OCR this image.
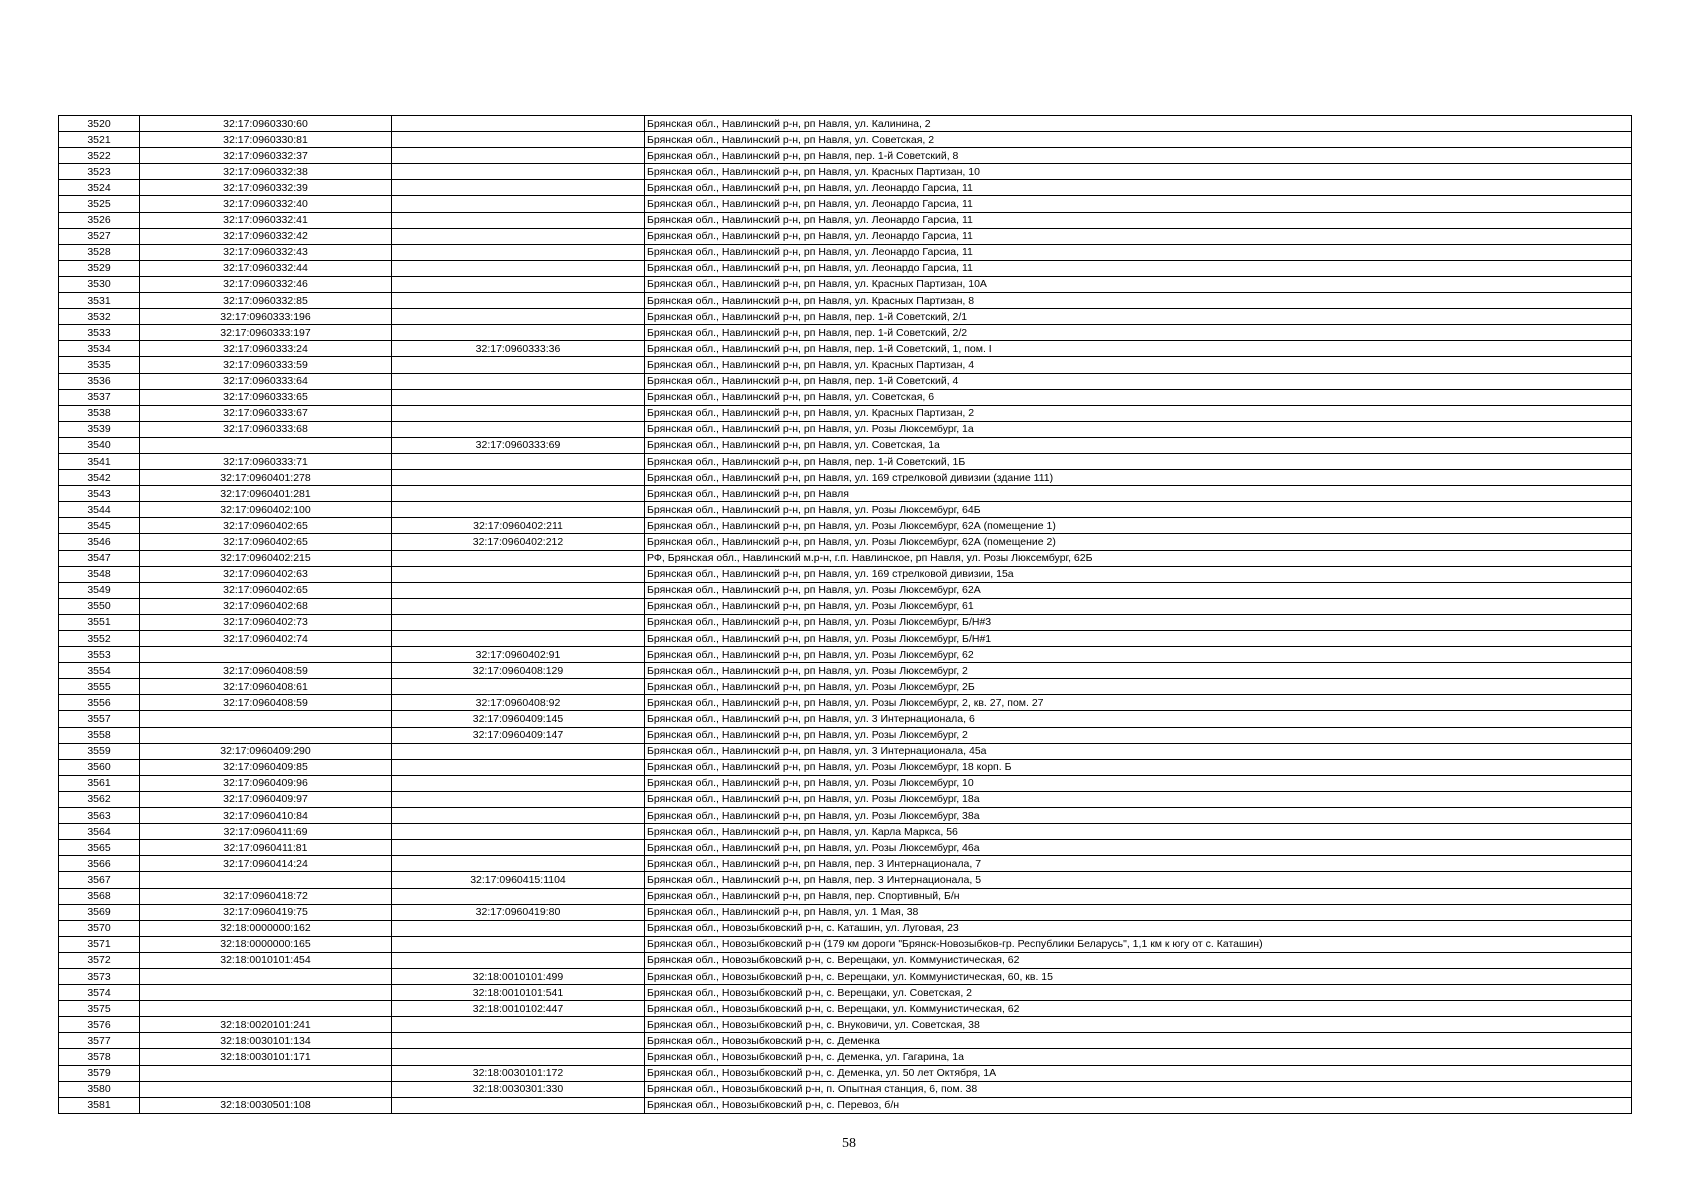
3520	32:17:0960330:60		Брянская обл., Навлинский р-н, рп Навля, ул. Калинина, 2
3521	32:17:0960330:81		Брянская обл., Навлинский р-н, рп Навля, ул. Советская, 2
3522	32:17:0960332:37		Брянская обл., Навлинский р-н, рп Навля, пер. 1-й Советский, 8
3523	32:17:0960332:38		Брянская обл., Навлинский р-н, рп Навля, ул. Красных Партизан, 10
3524	32:17:0960332:39		Брянская обл., Навлинский р-н, рп Навля, ул. Леонардо Гарсиа, 11
3525	32:17:0960332:40		Брянская обл., Навлинский р-н, рп Навля, ул. Леонардо Гарсиа, 11
3526	32:17:0960332:41		Брянская обл., Навлинский р-н, рп Навля, ул. Леонардо Гарсиа, 11
3527	32:17:0960332:42		Брянская обл., Навлинский р-н, рп Навля, ул. Леонардо Гарсиа, 11
3528	32:17:0960332:43		Брянская обл., Навлинский р-н, рп Навля, ул. Леонардо Гарсиа, 11
3529	32:17:0960332:44		Брянская обл., Навлинский р-н, рп Навля, ул. Леонардо Гарсиа, 11
3530	32:17:0960332:46		Брянская обл., Навлинский р-н, рп Навля, ул. Красных Партизан, 10А
3531	32:17:0960332:85		Брянская обл., Навлинский р-н, рп Навля, ул. Красных Партизан, 8
3532	32:17:0960333:196		Брянская обл., Навлинский р-н, рп Навля, пер. 1-й Советский, 2/1
3533	32:17:0960333:197		Брянская обл., Навлинский р-н, рп Навля, пер. 1-й Советский, 2/2
3534	32:17:0960333:24	32:17:0960333:36	Брянская обл., Навлинский р-н, рп Навля, пер. 1-й Советский, 1, пом. I
3535	32:17:0960333:59		Брянская обл., Навлинский р-н, рп Навля, ул. Красных Партизан, 4
3536	32:17:0960333:64		Брянская обл., Навлинский р-н, рп Навля, пер. 1-й Советский, 4
3537	32:17:0960333:65		Брянская обл., Навлинский р-н, рп Навля, ул. Советская, 6
3538	32:17:0960333:67		Брянская обл., Навлинский р-н, рп Навля, ул. Красных Партизан, 2
3539	32:17:0960333:68		Брянская обл., Навлинский р-н, рп Навля, ул. Розы Люксембург, 1а
3540		32:17:0960333:69	Брянская обл., Навлинский р-н, рп Навля, ул. Советская, 1а
3541	32:17:0960333:71		Брянская обл., Навлинский р-н, рп Навля, пер. 1-й Советский, 1Б
3542	32:17:0960401:278		Брянская обл., Навлинский р-н, рп Навля, ул. 169 стрелковой дивизии (здание 111)
3543	32:17:0960401:281		Брянская обл., Навлинский р-н, рп Навля
3544	32:17:0960402:100		Брянская обл., Навлинский р-н, рп Навля, ул. Розы Люксембург, 64Б
3545	32:17:0960402:65	32:17:0960402:211	Брянская обл., Навлинский р-н, рп Навля, ул. Розы Люксембург, 62А (помещение 1)
3546	32:17:0960402:65	32:17:0960402:212	Брянская обл., Навлинский р-н, рп Навля, ул. Розы Люксембург, 62А (помещение 2)
3547	32:17:0960402:215		РФ, Брянская обл., Навлинский м.р-н, г.п. Навлинское, рп Навля, ул. Розы Люксембург, 62Б
3548	32:17:0960402:63		Брянская обл., Навлинский р-н, рп Навля, ул. 169 стрелковой дивизии, 15а
3549	32:17:0960402:65		Брянская обл., Навлинский р-н, рп Навля, ул. Розы Люксембург, 62А
3550	32:17:0960402:68		Брянская обл., Навлинский р-н, рп Навля, ул. Розы Люксембург, 61
3551	32:17:0960402:73		Брянская обл., Навлинский р-н, рп Навля, ул. Розы Люксембург, Б/Н#3
3552	32:17:0960402:74		Брянская обл., Навлинский р-н, рп Навля, ул. Розы Люксембург, Б/Н#1
3553		32:17:0960402:91	Брянская обл., Навлинский р-н, рп Навля, ул. Розы Люксембург, 62
3554	32:17:0960408:59	32:17:0960408:129	Брянская обл., Навлинский р-н, рп Навля, ул. Розы Люксембург, 2
3555	32:17:0960408:61		Брянская обл., Навлинский р-н, рп Навля, ул. Розы Люксембург, 2Б
3556	32:17:0960408:59	32:17:0960408:92	Брянская обл., Навлинский р-н, рп Навля, ул. Розы Люксембург, 2, кв. 27, пом. 27
3557		32:17:0960409:145	Брянская обл., Навлинский р-н, рп Навля, ул. 3 Интернационала, 6
3558		32:17:0960409:147	Брянская обл., Навлинский р-н, рп Навля, ул. Розы Люксембург, 2
3559	32:17:0960409:290		Брянская обл., Навлинский р-н, рп Навля, ул. 3 Интернационала, 45а
3560	32:17:0960409:85		Брянская обл., Навлинский р-н, рп Навля, ул. Розы Люксембург, 18 корп. Б
3561	32:17:0960409:96		Брянская обл., Навлинский р-н, рп Навля, ул. Розы Люксембург, 10
3562	32:17:0960409:97		Брянская обл., Навлинский р-н, рп Навля, ул. Розы Люксембург, 18а
3563	32:17:0960410:84		Брянская обл., Навлинский р-н, рп Навля, ул. Розы Люксембург, 38а
3564	32:17:0960411:69		Брянская обл., Навлинский р-н, рп Навля, ул. Карла Маркса, 56
3565	32:17:0960411:81		Брянская обл., Навлинский р-н, рп Навля, ул. Розы Люксембург, 46а
3566	32:17:0960414:24		Брянская обл., Навлинский р-н, рп Навля, пер. 3 Интернационала, 7
3567		32:17:0960415:1104	Брянская обл., Навлинский р-н, рп Навля, пер. 3 Интернационала, 5
3568	32:17:0960418:72		Брянская обл., Навлинский р-н, рп Навля, пер. Спортивный, Б/н
3569	32:17:0960419:75	32:17:0960419:80	Брянская обл., Навлинский р-н, рп Навля, ул. 1 Мая, 38
3570	32:18:0000000:162		Брянская обл., Новозыбковский р-н, с. Каташин, ул. Луговая, 23
3571	32:18:0000000:165		Брянская обл., Новозыбковский р-н (179 км дороги "Брянск-Новозыбков-гр. Республики Беларусь", 1,1 км к югу от с. Каташин)
3572	32:18:0010101:454		Брянская обл., Новозыбковский р-н, с. Верещаки, ул. Коммунистическая, 62
3573		32:18:0010101:499	Брянская обл., Новозыбковский р-н, с. Верещаки, ул. Коммунистическая, 60, кв. 15
3574		32:18:0010101:541	Брянская обл., Новозыбковский р-н, с. Верещаки, ул. Советская, 2
3575		32:18:0010102:447	Брянская обл., Новозыбковский р-н, с. Верещаки, ул. Коммунистическая, 62
3576	32:18:0020101:241		Брянская обл., Новозыбковский р-н, с. Внуковичи, ул. Советская, 38
3577	32:18:0030101:134		Брянская обл., Новозыбковский р-н, с. Деменка
3578	32:18:0030101:171		Брянская обл., Новозыбковский р-н, с. Деменка, ул. Гагарина, 1а
3579		32:18:0030101:172	Брянская обл., Новозыбковский р-н, с. Деменка, ул. 50 лет Октября, 1А
3580		32:18:0030301:330	Брянская обл., Новозыбковский р-н, п. Опытная станция, 6, пом. 38
3581	32:18:0030501:108		Брянская обл., Новозыбковский р-н, с. Перевоз, б/н
58
